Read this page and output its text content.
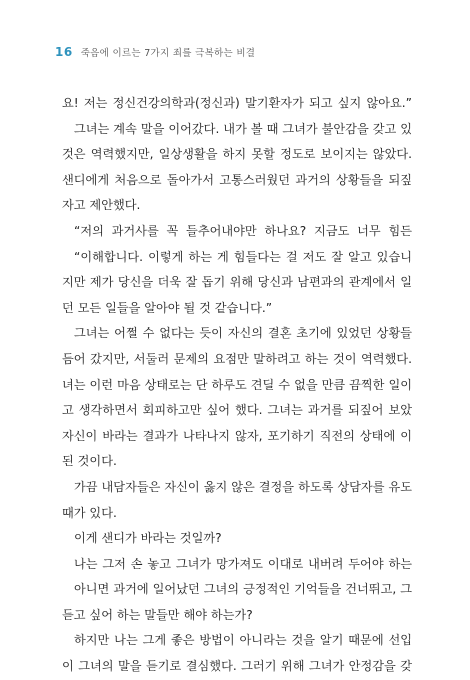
16 죽음에 이르는 7가지 죄를 극복하는 비결
요! 저는 정신건강의학과(정신과) 말기환자가 되고 싶지 않아요.”
그녀는 계속 말을 이어갔다. 내가 볼 때 그녀가 불안감을 갖고 있
것은 역력했지만, 일상생활을 하지 못할 정도로 보이지는 않았다.
샌디에게 처음으로 돌아가서 고통스러웠던 과거의 상황들을 되짚
자고 제안했다.
“저의 과거사를 꼭 들추어내야만 하나요? 지금도 너무 힘든
“이해합니다. 이렇게 하는 게 힘들다는 걸 저도 잘 알고 있습니
지만 제가 당신을 더욱 잘 돕기 위해 당신과 남편과의 관계에서 일
던 모든 일들을 알아야 될 것 같습니다.”
그녀는 어쩔 수 없다는 듯이 자신의 결혼 초기에 있었던 상황들
듬어 갔지만, 서둘러 문제의 요점만 말하려고 하는 것이 역력했다.
녀는 이런 마음 상태로는 단 하루도 견딜 수 없을 만큼 끔찍한 일이
고 생각하면서 회피하고만 싶어 했다. 그녀는 과거를 되짚어 보았
자신이 바라는 결과가 나타나지 않자, 포기하기 직전의 상태에 이
된 것이다.
가끔 내담자들은 자신이 옳지 않은 결정을 하도록 상담자를 유도
때가 있다.
이게 샌디가 바라는 것일까?
나는 그저 손 놓고 그녀가 망가져도 이대로 내버려 두어야 하는
아니면 과거에 일어났던 그녀의 긍정적인 기억들을 건너뛰고, 그
듣고 싶어 하는 말들만 해야 하는가?
하지만 나는 그게 좋은 방법이 아니라는 것을 알기 때문에 선입
이 그녀의 말을 듣기로 결심했다. 그러기 위해 그녀가 안정감을 갖
